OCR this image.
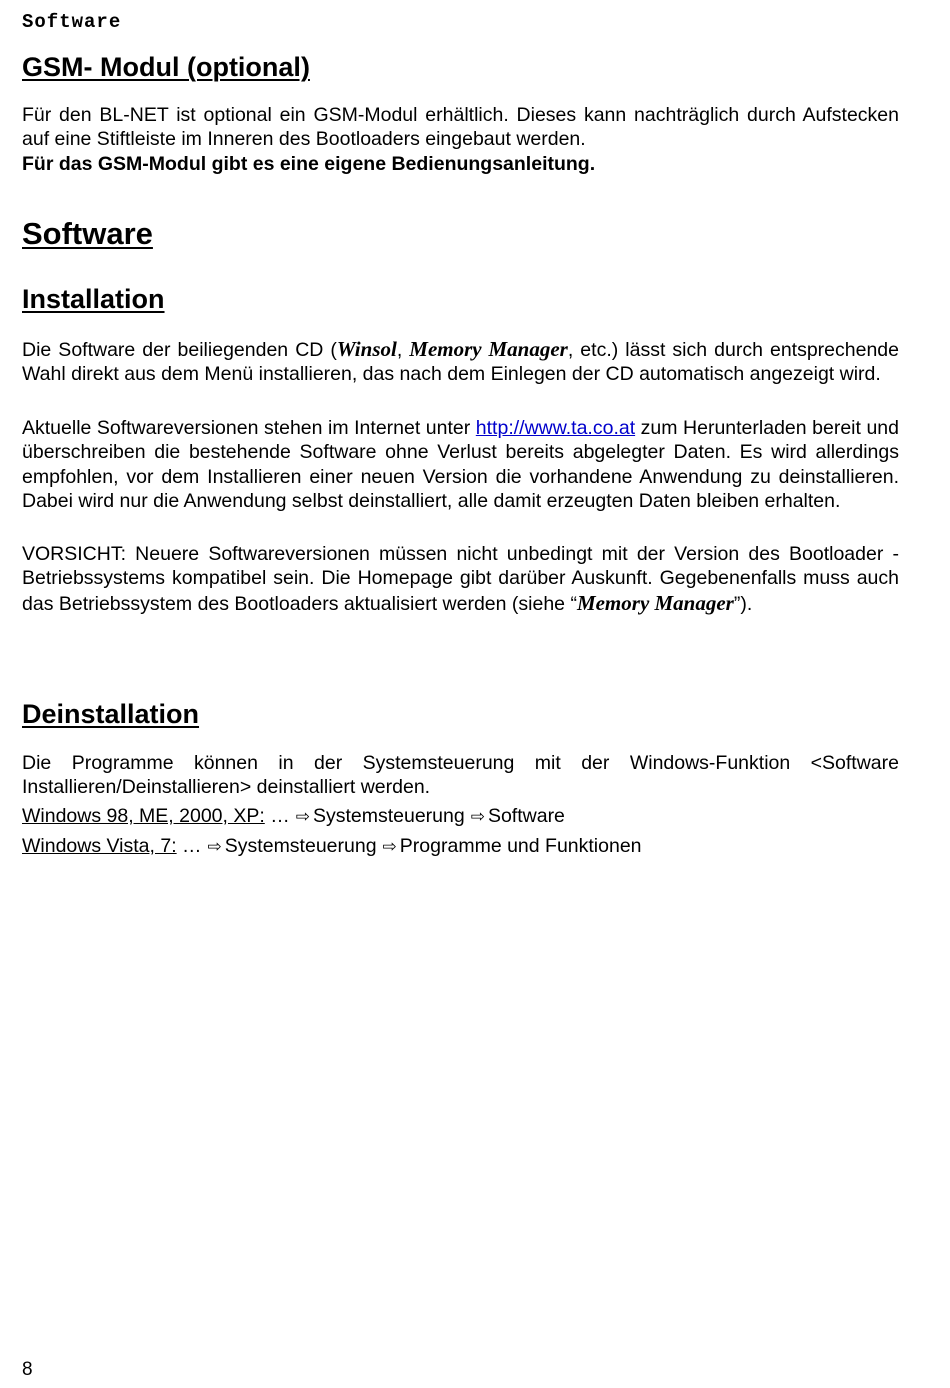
Software
GSM- Modul (optional)

Für den BL-NET ist optional ein GSM-Modul erhältlich. Dieses kann nachträglich durch Aufstecken auf eine Stiftleiste im Inneren des Bootloaders eingebaut werden.
Für das GSM-Modul gibt es eine eigene Bedienungsanleitung.

Software
Installation

Die Software der beiliegenden CD (Winsol, Memory Manager, etc.) lässt sich durch entsprechende Wahl direkt aus dem Menü installieren, das nach dem Einlegen der CD automatisch angezeigt wird.

Aktuelle Softwareversionen stehen im Internet unter http://www.ta.co.at zum Herunterladen bereit und überschreiben die bestehende Software ohne Verlust bereits abgelegter Daten. Es wird allerdings empfohlen, vor dem Installieren einer neuen Version die vorhandene Anwendung zu deinstallieren. Dabei wird nur die Anwendung selbst deinstalliert, alle damit erzeugten Daten bleiben erhalten.

VORSICHT: Neuere Softwareversionen müssen nicht unbedingt mit der Version des Bootloader - Betriebssystems kompatibel sein. Die Homepage gibt darüber Auskunft. Gegebenenfalls muss auch das Betriebssystem des Bootloaders aktualisiert werden (siehe “Memory Manager”).

Deinstallation

Die Programme können in der Systemsteuerung mit der Windows-Funktion <Software Installieren/Deinstallieren> deinstalliert werden.

Windows 98, ME, 2000, XP: … ⇨ Systemsteuerung ⇨ Software

Windows Vista, 7: … ⇨ Systemsteuerung ⇨ Programme und Funktionen

8
